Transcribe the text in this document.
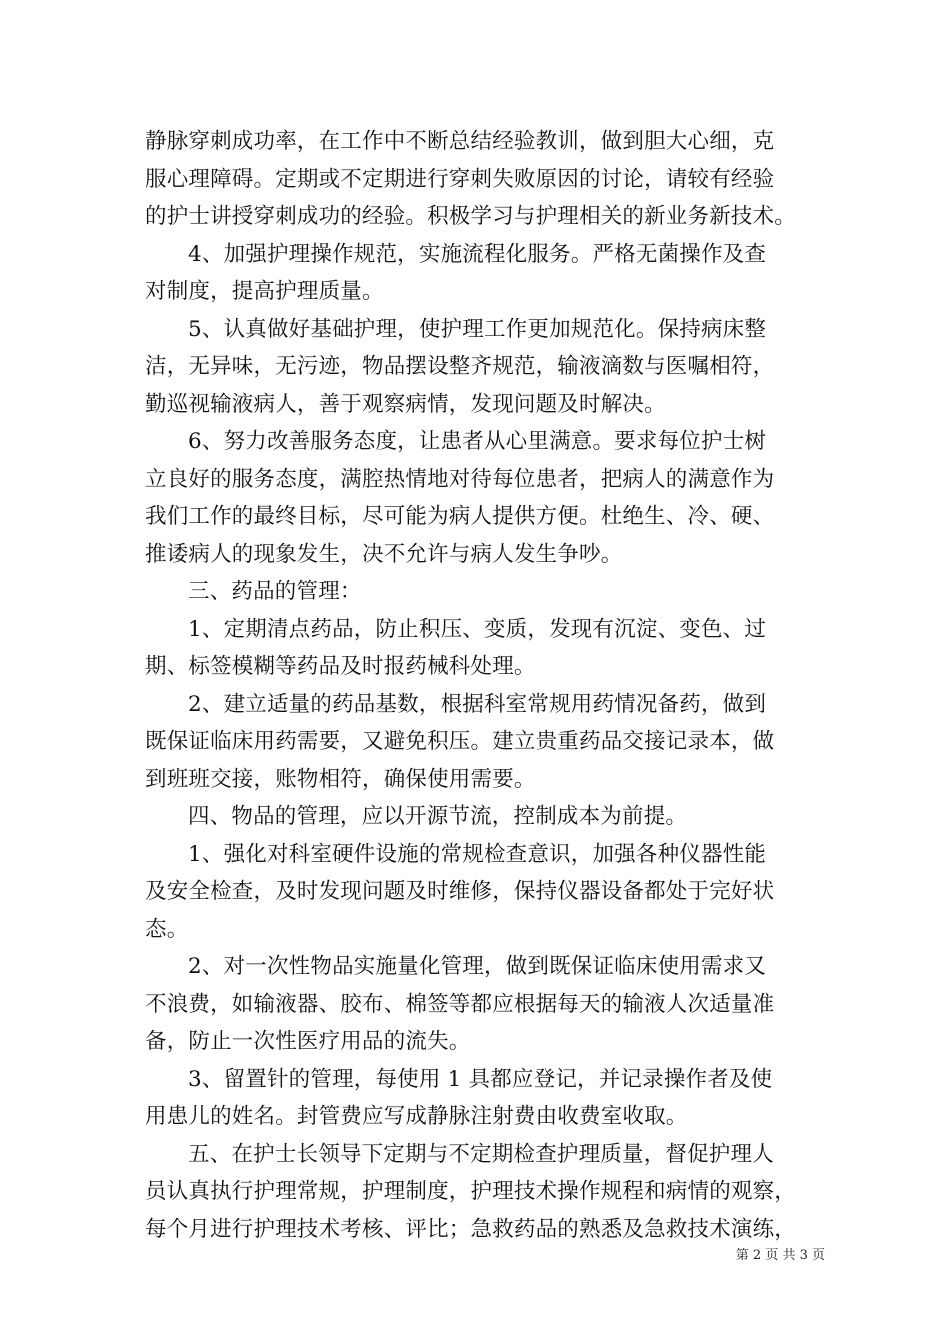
静脉穿刺成功率，在工作中不断总结经验教训，做到胆大心细，克
服心理障碍。定期或不定期进行穿刺失败原因的讨论，请较有经验
的护士讲授穿刺成功的经验。积极学习与护理相关的新业务新技术。
4、加强护理操作规范，实施流程化服务。严格无菌操作及查
对制度，提高护理质量。
5、认真做好基础护理，使护理工作更加规范化。保持病床整
洁，无异味，无污迹，物品摆设整齐规范，输液滴数与医嘱相符，
勤巡视输液病人，善于观察病情，发现问题及时解决。
6、努力改善服务态度，让患者从心里满意。要求每位护士树
立良好的服务态度，满腔热情地对待每位患者，把病人的满意作为
我们工作的最终目标，尽可能为病人提供方便。杜绝生、冷、硬、
推诿病人的现象发生，决不允许与病人发生争吵。
三、药品的管理：
1、定期清点药品，防止积压、变质，发现有沉淀、变色、过
期、标签模糊等药品及时报药械科处理。
2、建立适量的药品基数，根据科室常规用药情况备药，做到
既保证临床用药需要，又避免积压。建立贵重药品交接记录本，做
到班班交接，账物相符，确保使用需要。
四、物品的管理，应以开源节流，控制成本为前提。
1、强化对科室硬件设施的常规检查意识，加强各种仪器性能
及安全检查，及时发现问题及时维修，保持仪器设备都处于完好状
态。
2、对一次性物品实施量化管理，做到既保证临床使用需求又
不浪费，如输液器、胶布、棉签等都应根据每天的输液人次适量准
备，防止一次性医疗用品的流失。
3、留置针的管理，每使用 1 具都应登记，并记录操作者及使
用患儿的姓名。封管费应写成静脉注射费由收费室收取。
五、在护士长领导下定期与不定期检查护理质量，督促护理人
员认真执行护理常规，护理制度，护理技术操作规程和病情的观察，
每个月进行护理技术考核、评比；急救药品的熟悉及急救技术演练，
第 2 页 共 3 页
